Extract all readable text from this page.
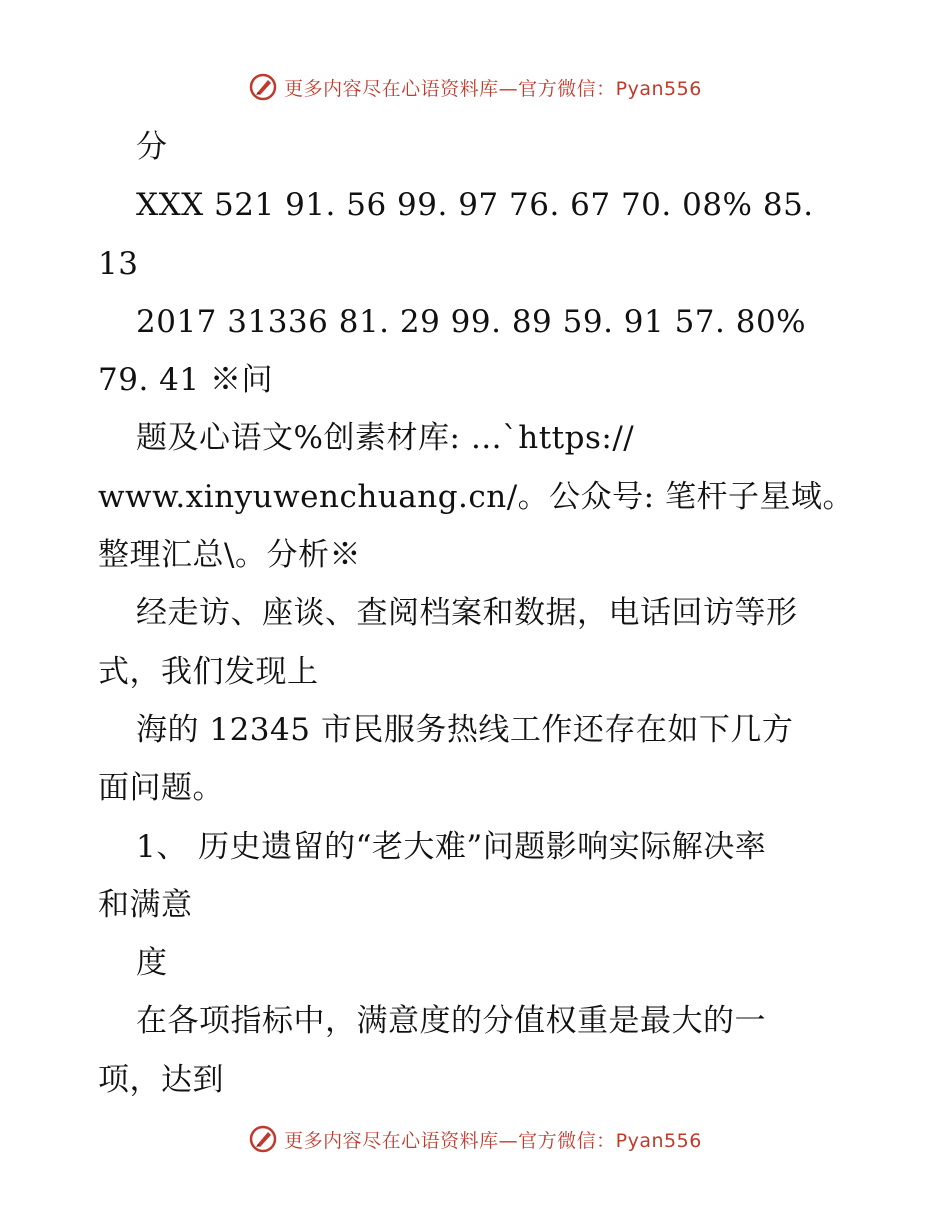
更多内容尽在心语资料库—官方微信：Pyan556
分
XXX 521 91. 56 99. 97 76. 67 70. 08% 85.
13
2017 31336 81. 29 99. 89 59. 91 57. 80%
79. 41 ※问
题及心语文%创素材库: …`https://
www.xinyuwenchuang.cn/。公众号: 笔杆子星域。
整理汇总\。分析※
经走访、座谈、查阅档案和数据，电话回访等形
式，我们发现上
海的 12345 市民服务热线工作还存在如下几方
面问题。
1、 历史遗留的“老大难”问题影响实际解决率
和满意
度
在各项指标中，满意度的分值权重是最大的一
项，达到
更多内容尽在心语资料库—官方微信：Pyan556
